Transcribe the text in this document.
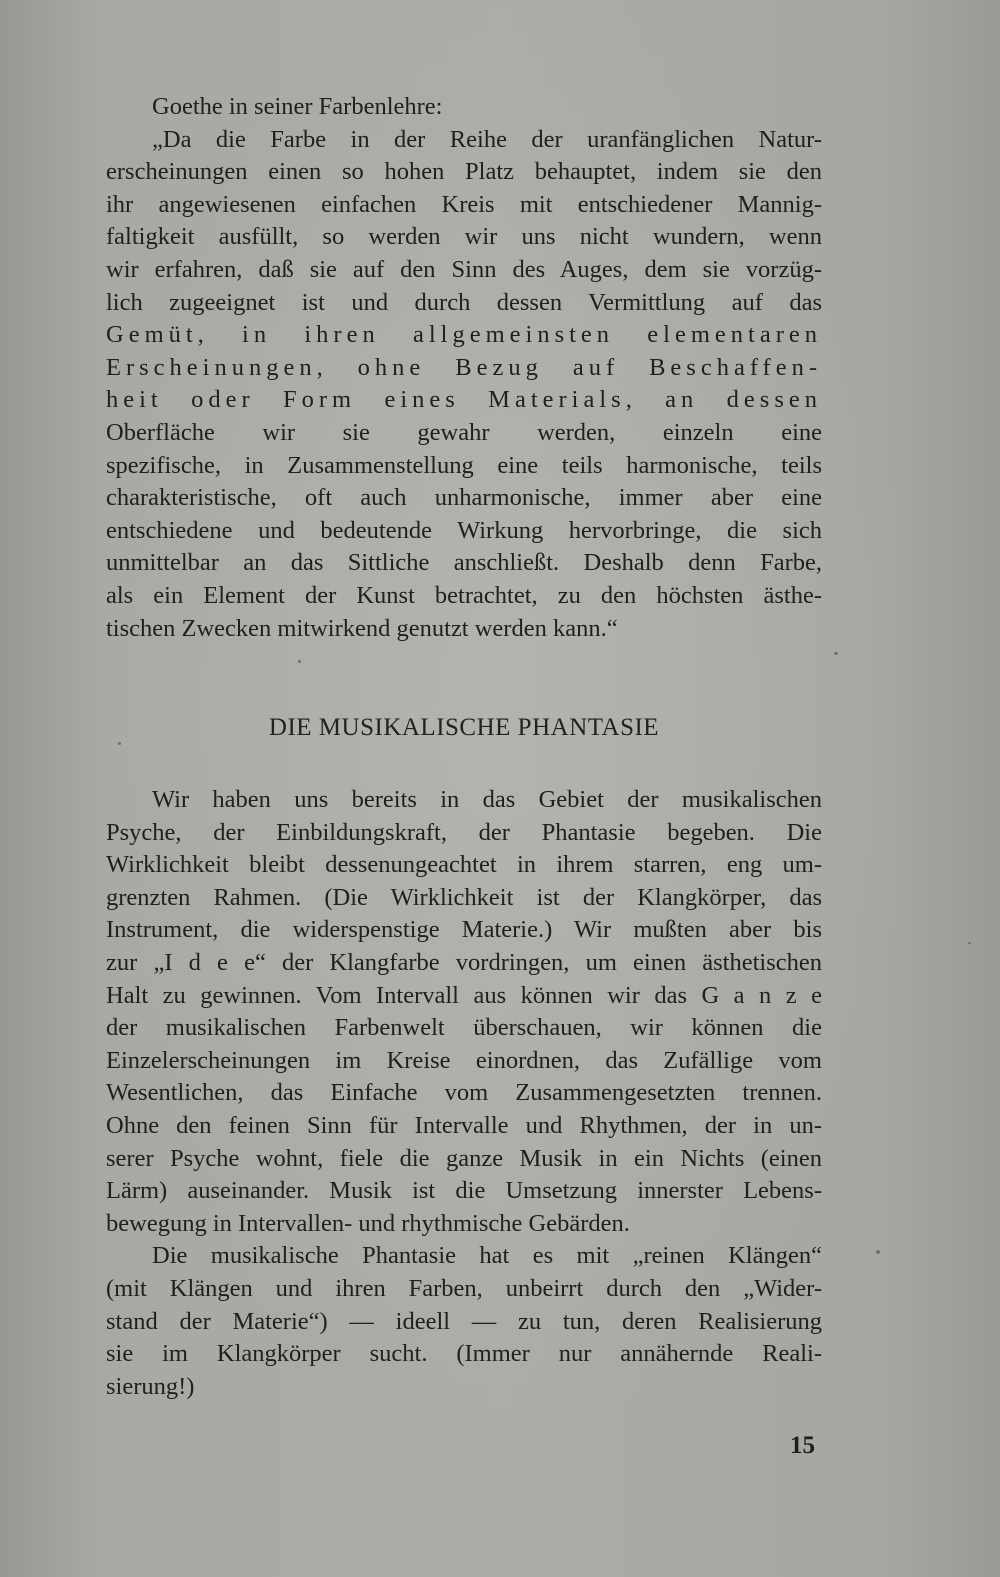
Goethe in seiner Farbenlehre:
„Da die Farbe in der Reihe der uranfänglichen Natur-
erscheinungen einen so hohen Platz behauptet, indem sie den
ihr angewiesenen einfachen Kreis mit entschiedener Mannig-
faltigkeit ausfüllt, so werden wir uns nicht wundern, wenn
wir erfahren, daß sie auf den Sinn des Auges, dem sie vorzüg-
lich zugeeignet ist und durch dessen Vermittlung auf das
Gemüt, in ihren allgemeinsten elementaren
Erscheinungen, ohne Bezug auf Beschaffen-
heit oder Form eines Materials, an dessen
Oberfläche wir sie gewahr werden, einzeln eine
spezifische, in Zusammenstellung eine teils harmonische, teils
charakteristische, oft auch unharmonische, immer aber eine
entschiedene und bedeutende Wirkung hervorbringe, die sich
unmittelbar an das Sittliche anschließt. Deshalb denn Farbe,
als ein Element der Kunst betrachtet, zu den höchsten ästhe-
tischen Zwecken mitwirkend genutzt werden kann.“
DIE MUSIKALISCHE PHANTASIE
Wir haben uns bereits in das Gebiet der musikalischen
Psyche, der Einbildungskraft, der Phantasie begeben. Die
Wirklichkeit bleibt dessenungeachtet in ihrem starren, eng um-
grenzten Rahmen. (Die Wirklichkeit ist der Klangkörper, das
Instrument, die widerspenstige Materie.) Wir mußten aber bis
zur „I d e e“ der Klangfarbe vordringen, um einen ästhetischen
Halt zu gewinnen. Vom Intervall aus können wir das G a n z e
der musikalischen Farbenwelt überschauen, wir können die
Einzelerscheinungen im Kreise einordnen, das Zufällige vom
Wesentlichen, das Einfache vom Zusammengesetzten trennen.
Ohne den feinen Sinn für Intervalle und Rhythmen, der in un-
serer Psyche wohnt, fiele die ganze Musik in ein Nichts (einen
Lärm) auseinander. Musik ist die Umsetzung innerster Lebens-
bewegung in Intervallen- und rhythmische Gebärden.
Die musikalische Phantasie hat es mit „reinen Klängen“
(mit Klängen und ihren Farben, unbeirrt durch den „Wider-
stand der Materie“) — ideell — zu tun, deren Realisierung
sie im Klangkörper sucht. (Immer nur annähernde Reali-
sierung!)
15
